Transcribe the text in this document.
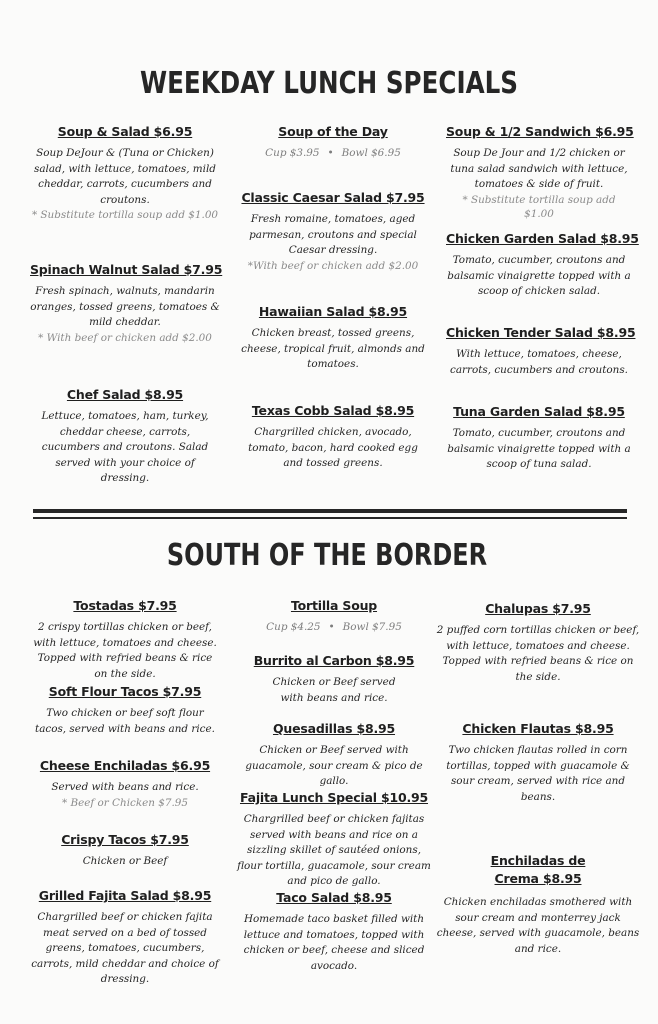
WEEKDAY LUNCH SPECIALS
Soup & Salad $6.95
Soup DeJour & (Tuna or Chicken) salad, with lettuce, tomatoes, mild cheddar, carrots, cucumbers and croutons.
* Substitute tortilla soup add $1.00
Spinach Walnut Salad $7.95
Fresh spinach, walnuts, mandarin oranges, tossed greens, tomatoes & mild cheddar.
* With beef or chicken add $2.00
Chef Salad $8.95
Lettuce, tomatoes, ham, turkey, cheddar cheese, carrots, cucumbers and croutons. Salad served with your choice of dressing.
Soup of the Day
Cup $3.95 • Bowl $6.95
Classic Caesar Salad $7.95
Fresh romaine, tomatoes, aged parmesan, croutons and special Caesar dressing.
*With beef or chicken add $2.00
Hawaiian Salad $8.95
Chicken breast, tossed greens, cheese, tropical fruit, almonds and tomatoes.
Texas Cobb Salad $8.95
Chargrilled chicken, avocado, tomato, bacon, hard cooked egg and tossed greens.
Soup & 1/2 Sandwich $6.95
Soup De Jour and 1/2 chicken or tuna salad sandwich with lettuce, tomatoes & side of fruit.
* Substitute tortilla soup add $1.00
Chicken Garden Salad $8.95
Tomato, cucumber, croutons and balsamic vinaigrette topped with a scoop of chicken salad.
Chicken Tender Salad $8.95
With lettuce, tomatoes, cheese, carrots, cucumbers and croutons.
Tuna Garden Salad $8.95
Tomato, cucumber, croutons and balsamic vinaigrette topped with a scoop of tuna salad.
SOUTH OF THE BORDER
Tostadas $7.95
2 crispy tortillas chicken or beef, with lettuce, tomatoes and cheese. Topped with refried beans & rice on the side.
Soft Flour Tacos $7.95
Two chicken or beef soft flour tacos, served with beans and rice.
Cheese Enchiladas $6.95
Served with beans and rice.
* Beef or Chicken $7.95
Crispy Tacos $7.95
Chicken or Beef
Grilled Fajita Salad $8.95
Chargrilled beef or chicken fajita meat served on a bed of tossed greens, tomatoes, cucumbers, carrots, mild cheddar and choice of dressing.
Tortilla Soup
Cup $4.25 • Bowl $7.95
Burrito al Carbon $8.95
Chicken or Beef served with beans and rice.
Quesadillas $8.95
Chicken or Beef served with guacamole, sour cream & pico de gallo.
Fajita Lunch Special $10.95
Chargrilled beef or chicken fajitas served with beans and rice on a sizzling skillet of sautéed onions, flour tortilla, guacamole, sour cream and pico de gallo.
Taco Salad $8.95
Homemade taco basket filled with lettuce and tomatoes, topped with chicken or beef, cheese and sliced avocado.
Chalupas $7.95
2 puffed corn tortillas chicken or beef, with lettuce, tomatoes and cheese. Topped with refried beans & rice on the side.
Chicken Flautas $8.95
Two chicken flautas rolled in corn tortillas, topped with guacamole & sour cream, served with rice and beans.
Enchiladas de Crema $8.95
Chicken enchiladas smothered with sour cream and monterrey jack cheese, served with guacamole, beans and rice.
